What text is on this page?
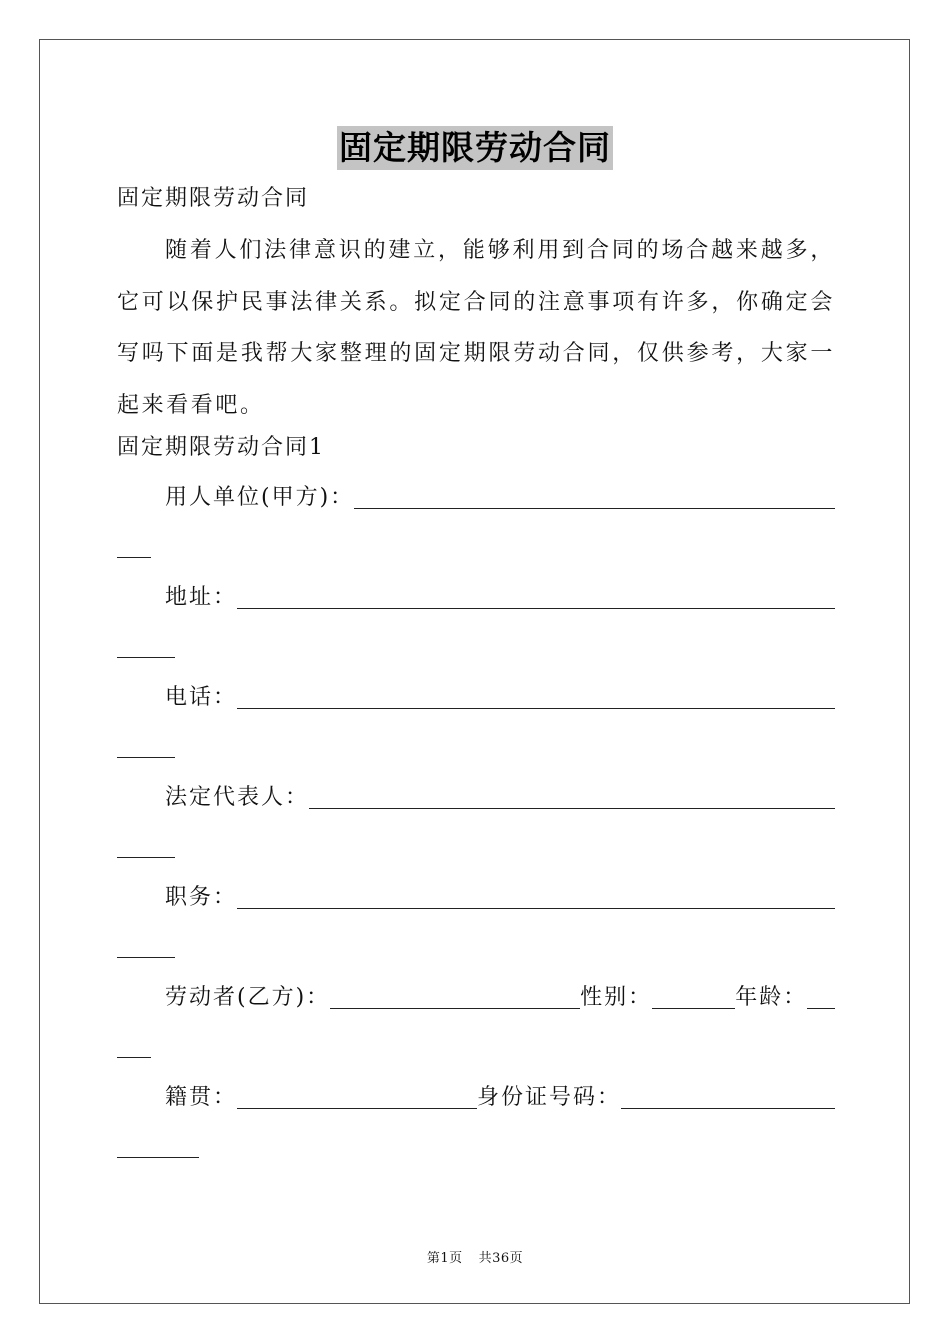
固定期限劳动合同
固定期限劳动合同
随着人们法律意识的建立，能够利用到合同的场合越来越多，它可以保护民事法律关系。拟定合同的注意事项有许多，你确定会写吗下面是我帮大家整理的固定期限劳动合同，仅供参考，大家一起来看看吧。
固定期限劳动合同1
用人单位(甲方)：
地址：
电话：
法定代表人：
职务：
劳动者(乙方)：	性别：	年龄：
籍贯：	身份证号码：
第1页 共36页
